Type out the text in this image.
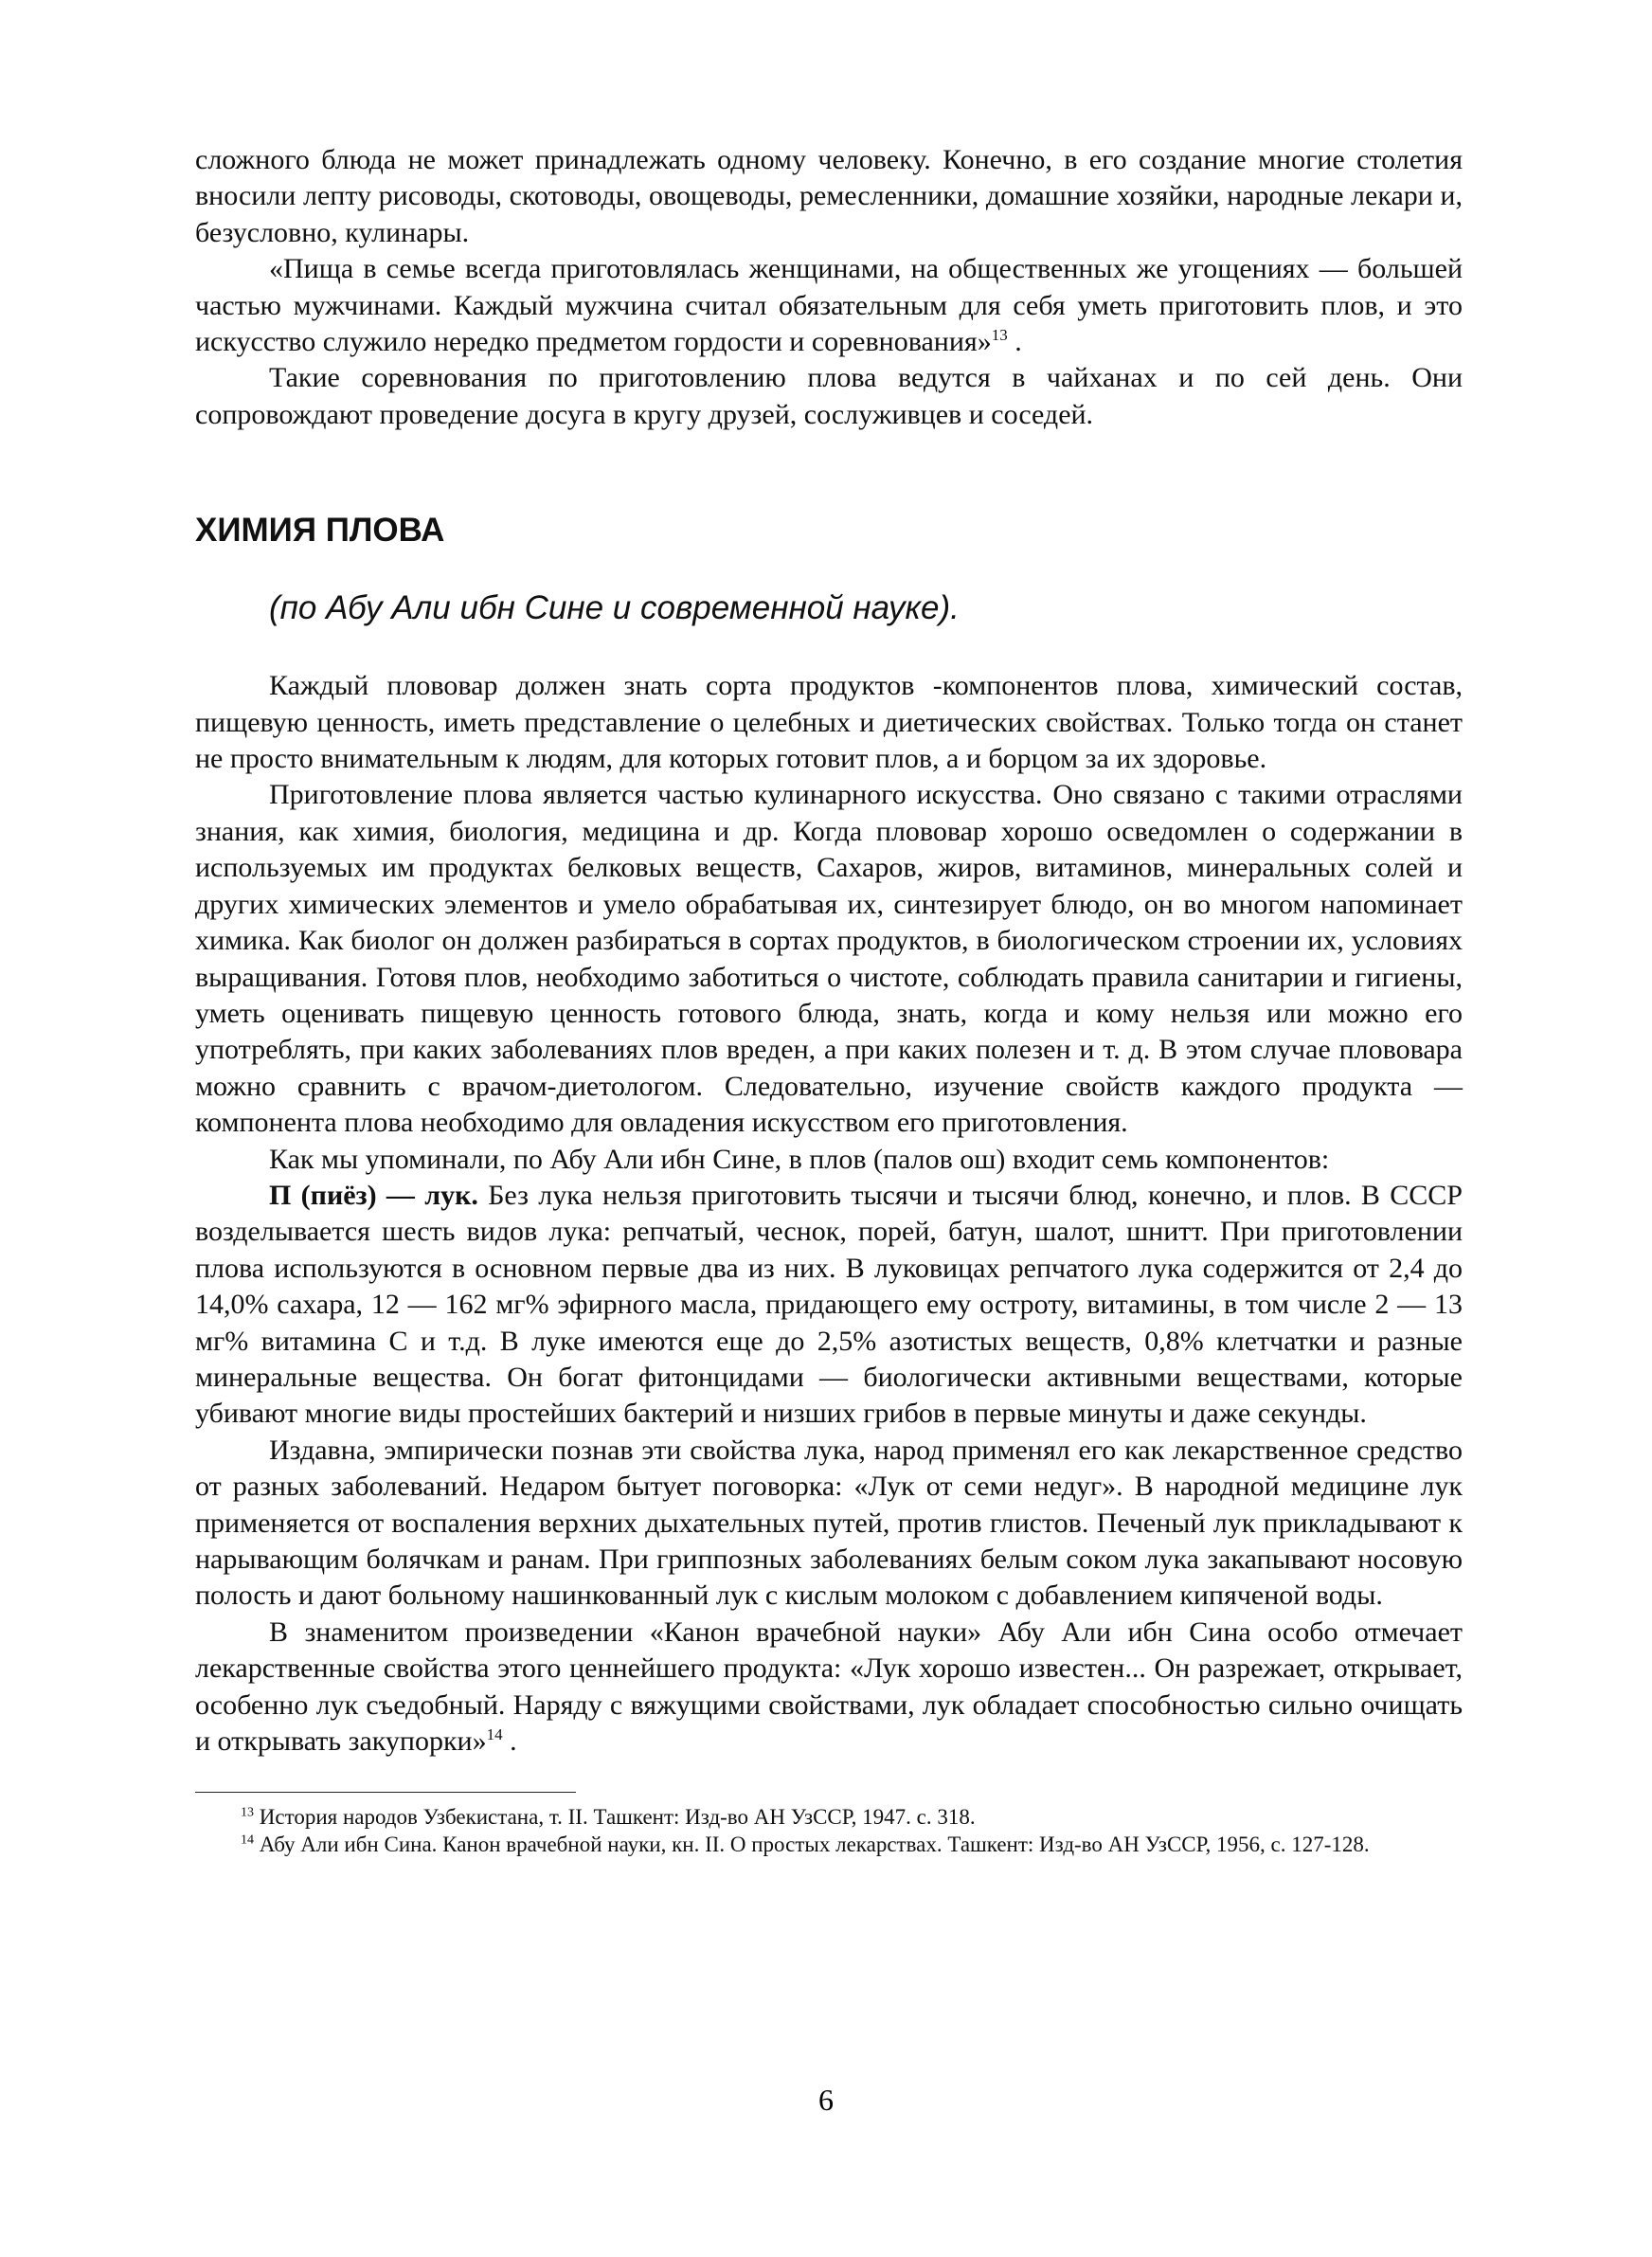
сложного блюда не может принадлежать одному человеку. Конечно, в его создание многие столетия вносили лепту рисоводы, скотоводы, овощеводы, ремесленники, домашние хозяйки, народные лекари и, безусловно, кулинары.

«Пища в семье всегда приготовлялась женщинами, на общественных же угощениях — большей частью мужчинами. Каждый мужчина считал обязательным для себя уметь приготовить плов, и это искусство служило нередко предметом гордости и соревнования»$^{13}$ .

Такие соревнования по приготовлению плова ведутся в чайханах и по сей день. Они сопровождают проведение досуга в кругу друзей, сослуживцев и соседей.

ХИМИЯ ПЛОВА
(по Абу Али ибн Сине и современной науке).

Каждый плововар должен знать сорта продуктов -компонентов плова, химический состав, пищевую ценность, иметь представление о целебных и диетических свойствах. Только тогда он станет не просто внимательным к людям, для которых готовит плов, а и борцом за их здоровье.

Приготовление плова является частью кулинарного искусства. Оно связано с такими отраслями знания, как химия, биология, медицина и др. Когда плововар хорошо осведомлен о содержании в используемых им продуктах белковых веществ, Сахаров, жиров, витаминов, минеральных солей и других химических элементов и умело обрабатывая их, синтезирует блюдо, он во многом напоминает химика. Как биолог он должен разбираться в сортах продуктов, в биологическом строении их, условиях выращивания. Готовя плов, необходимо заботиться о чистоте, соблюдать правила санитарии и гигиены, уметь оценивать пищевую ценность готового блюда, знать, когда и кому нельзя или можно его употреблять, при каких заболеваниях плов вреден, а при каких полезен и т. д. В этом случае плововара можно сравнить с врачом-диетологом. Следовательно, изучение свойств каждого продукта — компонента плова необходимо для овладения искусством его приготовления.

Как мы упоминали, по Абу Али ибн Сине, в плов (палов ош) входит семь компонентов:

П (пиёз) — лук. Без лука нельзя приготовить тысячи и тысячи блюд, конечно, и плов. В СССР возделывается шесть видов лука: репчатый, чеснок, порей, батун, шалот, шнитт. При приготовлении плова используются в основном первые два из них. В луковицах репчатого лука содержится от 2,4 до 14,0% сахара, 12 — 162 мг% эфирного масла, придающего ему остроту, витамины, в том числе 2 — 13 мг% витамина С и т.д. В луке имеются еще до 2,5% азотистых веществ, 0,8% клетчатки и разные минеральные вещества. Он богат фитонцидами — биологически активными веществами, которые убивают многие виды простейших бактерий и низших грибов в первые минуты и даже секунды.

Издавна, эмпирически познав эти свойства лука, народ применял его как лекарственное средство от разных заболеваний. Недаром бытует поговорка: «Лук от семи недуг». В народной медицине лук применяется от воспаления верхних дыхательных путей, против глистов. Печеный лук прикладывают к нарывающим болячкам и ранам. При гриппозных заболеваниях белым соком лука закапывают носовую полость и дают больному нашинкованный лук с кислым молоком с добавлением кипяченой воды.

В знаменитом произведении «Канон врачебной науки» Абу Али ибн Сина особо отмечает лекарственные свойства этого ценнейшего продукта: «Лук хорошо известен... Он разрежает, открывает, особенно лук съедобный. Наряду с вяжущими свойствами, лук обладает способностью сильно очищать и открывать закупорки»$^{14}$ .

$^{13}$ История народов Узбекистана, т. II. Ташкент: Изд-во АН УзССР, 1947. с. 318.
$^{14}$ Абу Али ибн Сина. Канон врачебной науки, кн. II. О простых лекарствах. Ташкент: Изд-во АН УзССР, 1956, с. 127-128.
6
